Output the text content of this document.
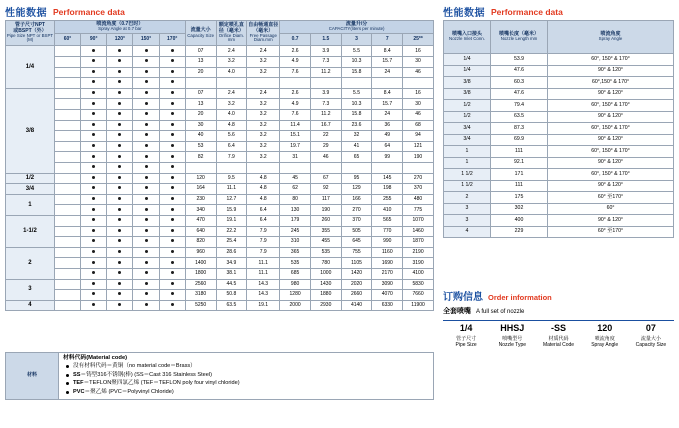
性能数据 Performance data	性能数据 Performance data
管子尺寸NPT
或BSPT（外）
Pipe Size NPT or BSPT (M)

喷流角度（0.7巴时）
Spray Angle at 0.7 bar	流量大小
Capacity Size

额定喷孔直径（毫米）
Orifice Diam. mm

自由畅通直径（毫米）
Free Passage Diam.mm

流量升/分
CAPACITY(liters per minute)

	60°	90°	120°	150°	170°				0.7	1.5	3	7	25**
1/4						07	2.4	2.4	2.6	3.9	5.5	8.4	16
						13	3.2	3.2	4.9	7.3	10.3	15.7	30
						20	4.0	3.2	7.6	11.2	15.8	24	46

3/8						07	2.4	2.4	2.6	3.9	5.5	8.4	16
						13	3.2	3.2	4.9	7.3	10.3	15.7	30
						20	4.0	3.2	7.6	11.2	15.8	24	46
						30	4.8	3.2	11.4	16.7	23.6	36	68
						40	5.6	3.2	15.1	22	32	49	94
						53	6.4	3.2	19.7	29	41	64	121
						82	7.9	3.2	31	46	65	99	190

1/2						120	9.5	4.8	45	67	95	145	270
3/4						164	11.1	4.8	62	92	129	198	370
1						230	12.7	4.8	80	117	166	255	480
						340	15.9	6.4	130	190	270	410	775
1-1/2						470	19.1	6.4	179	260	370	565	1070
						640	22.2	7.9	245	355	505	770	1460
						820	25.4	7.9	310	455	645	990	1870
2						960	28.6	7.9	365	535	755	1160	2190
						1400	34.9	11.1	535	780	1105	1690	3190
						1800	38.1	11.1	685	1000	1420	2170	4100
3						2560	44.5	14.3	980	1430	2020	3090	5830
						3180	50.8	14.3	1280	1880	2660	4070	7660
4						5250	63.5	19.1	2000	2930	4140	6330	11900
喷嘴入口接头
Nozzle Inlet Conn.

喷嘴长度（毫米）
Nozzle Length mm

喷流角度
Spray Angle

1/4	53.9	60°, 150° & 170°
1/4	47.6	90° & 120°
3/8	60.3	60°,150° & 170°
3/8	47.6	90° & 120°
1/2	79.4	60°, 150° & 170°
1/2	63.5	90° & 120°
3/4	87.3	60°, 150° & 170°
3/4	69.9	90° & 120°
1	111	60°, 150° & 170°
1	92.1	90° & 120°
1 1/2	171	60°, 150° & 170°
1 1/2	111	90° & 120°
2	175	60° 至170°
3	302	60°
3	400	90° & 120°
4	229	60° 至170°
材料	
材料代码(Material code)
没有材料代码＝黄铜（no material code＝Brass）
SS＝铸型316不锈钢(棒) (SS＝Cast 316 Stainless Steel)
TEF＝TEFLON聚四氯乙烯 (TEF＝TEFLON poly four vinyl chloride)
PVC＝聚乙烯 (PVC＝Polyvinyl Chloride)
订购信息 Order information
全套喷嘴 A full set of nozzle
1/4
管子尺寸
Pipe Size
HHSJ
喷嘴型号
Nozzle Type
-SS
材质代码
Material Code
120
喷流角度
Spray Angle
07
流量大小
Capacity Size
